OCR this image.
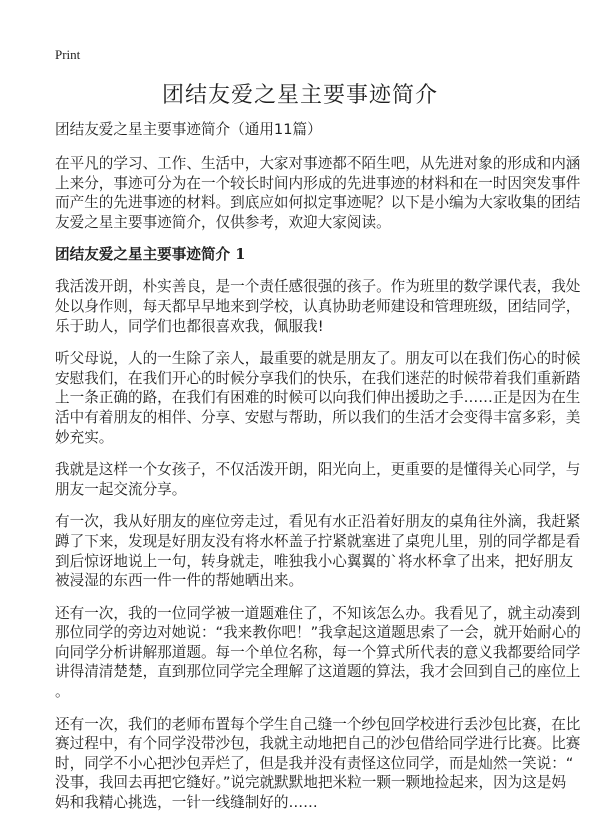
Print
团结友爱之星主要事迹简介
团结友爱之星主要事迹简介（通用11篇）
在平凡的学习、工作、生活中，大家对事迹都不陌生吧，从先进对象的形成和内涵
上来分，事迹可分为在一个较长时间内形成的先进事迹的材料和在一时因突发事件
而产生的先进事迹的材料。到底应如何拟定事迹呢？以下是小编为大家收集的团结
友爱之星主要事迹简介，仅供参考，欢迎大家阅读。
团结友爱之星主要事迹简介 1
我活泼开朗，朴实善良，是一个责任感很强的孩子。作为班里的数学课代表，我处
处以身作则，每天都早早地来到学校，认真协助老师建设和管理班级，团结同学，
乐于助人，同学们也都很喜欢我，佩服我!
听父母说，人的一生除了亲人，最重要的就是朋友了。朋友可以在我们伤心的时候
安慰我们，在我们开心的时候分享我们的快乐，在我们迷茫的时候带着我们重新踏
上一条正确的路，在我们有困难的时候可以向我们伸出援助之手……正是因为在生
活中有着朋友的相伴、分享、安慰与帮助，所以我们的生活才会变得丰富多彩，美
妙充实。
我就是这样一个女孩子，不仅活泼开朗，阳光向上，更重要的是懂得关心同学，与
朋友一起交流分享。
有一次，我从好朋友的座位旁走过，看见有水正沿着好朋友的桌角往外滴，我赶紧
蹲了下来，发现是好朋友没有将水杯盖子拧紧就塞进了桌兜儿里，别的同学都是看
到后惊讶地说上一句，转身就走，唯独我小心翼翼的`将水杯拿了出来，把好朋友
被浸湿的东西一件一件的帮她晒出来。
还有一次，我的一位同学被一道题难住了，不知该怎么办。我看见了，就主动凑到
那位同学的旁边对她说：“我来教你吧！”我拿起这道题思索了一会，就开始耐心的
向同学分析讲解那道题。每一个单位名称，每一个算式所代表的意义我都要给同学
讲得清清楚楚，直到那位同学完全理解了这道题的算法，我才会回到自己的座位上
。
还有一次，我们的老师布置每个学生自己缝一个纱包回学校进行丢沙包比赛，在比
赛过程中，有个同学没带沙包，我就主动地把自己的沙包借给同学进行比赛。比赛
时，同学不小心把沙包弄烂了，但是我并没有责怪这位同学，而是灿然一笑说：“
没事，我回去再把它缝好。”说完就默默地把米粒一颗一颗地捡起来，因为这是妈
妈和我精心挑选，一针一线缝制好的……
